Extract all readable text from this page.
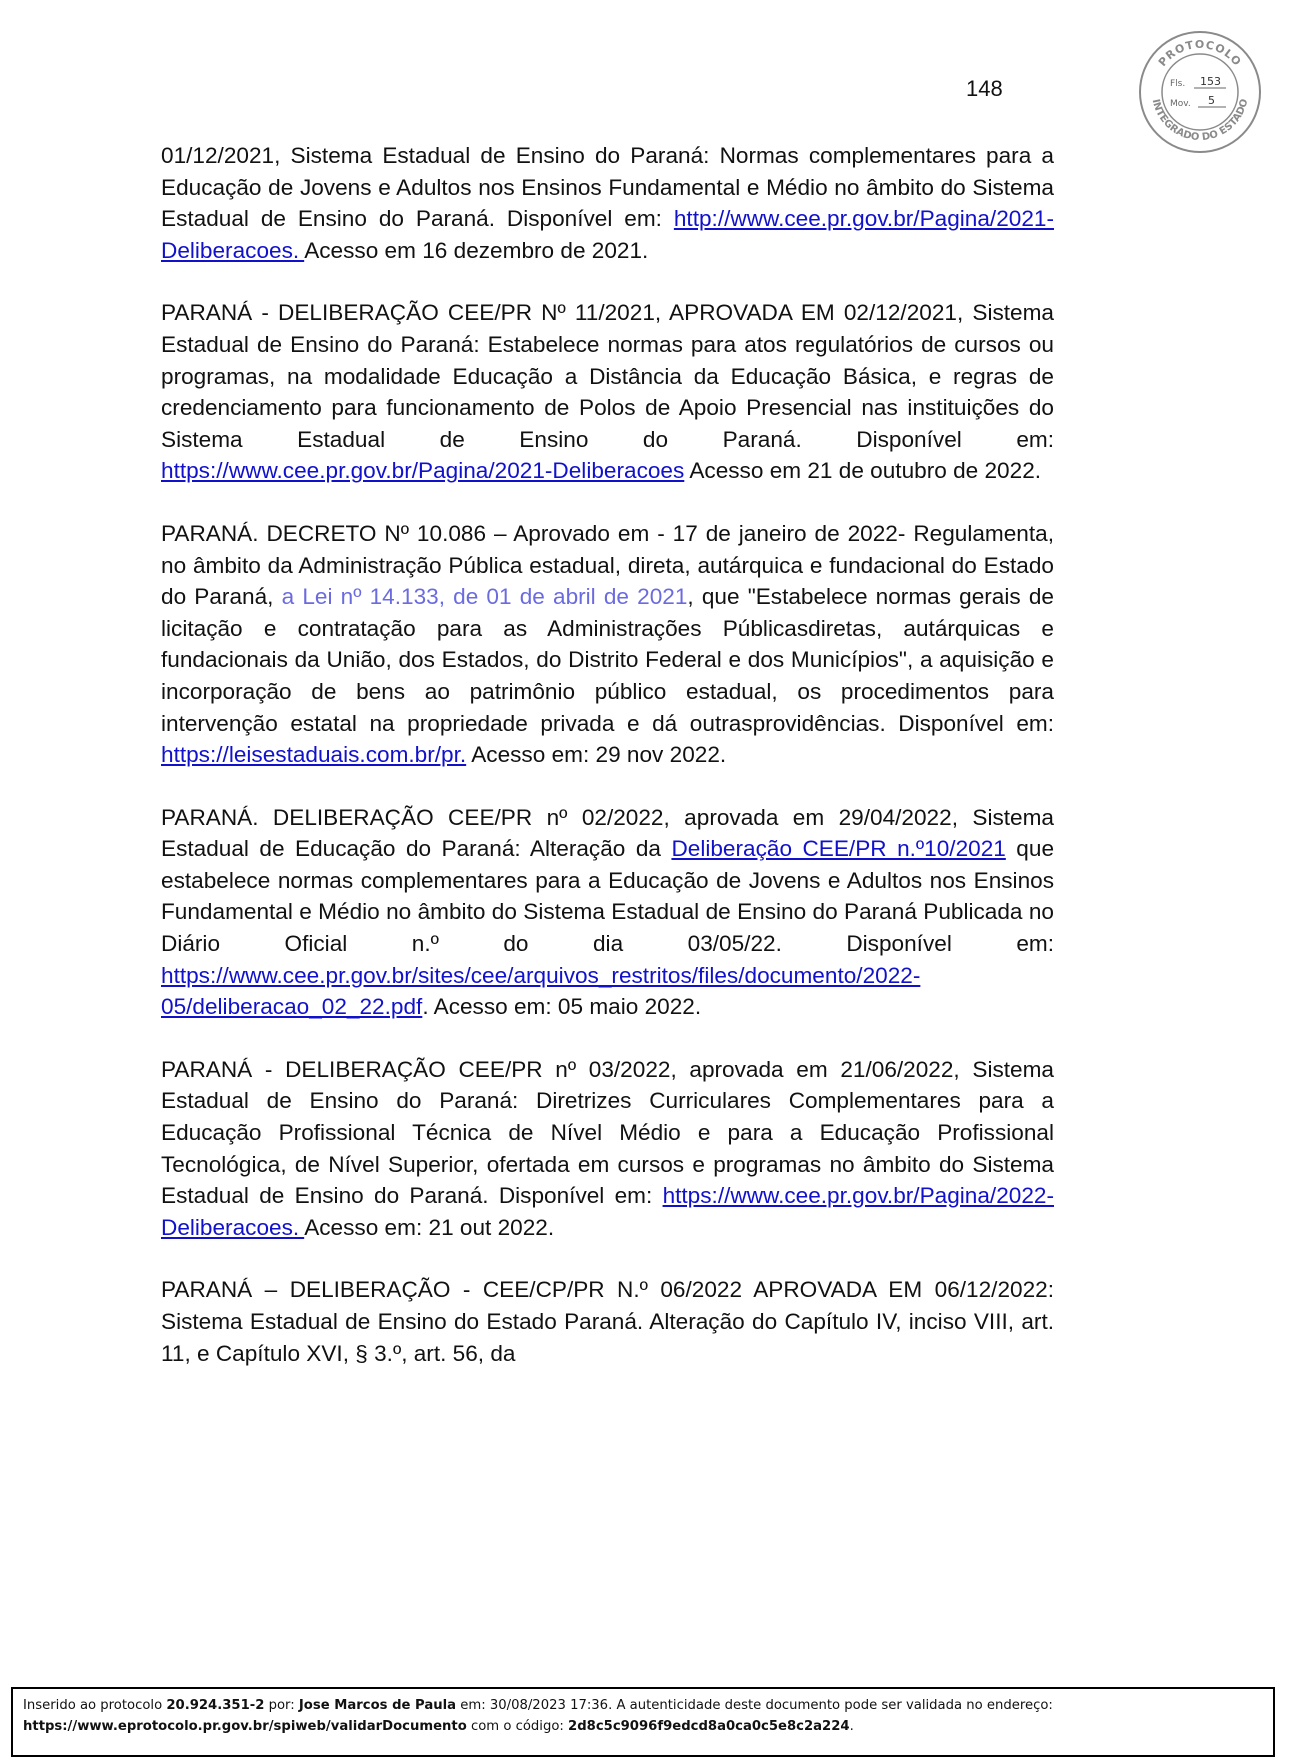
148
PROTOCOLO
INTEGRADO DO ESTADO
Fls. 153
Mov. 5

01/12/2021, Sistema Estadual de Ensino do Paraná: Normas complementares para a Educação de Jovens e Adultos nos Ensinos Fundamental e Médio no âmbito do Sistema Estadual de Ensino do Paraná. Disponível em: http://www.cee.pr.gov.br/Pagina/2021- Deliberacoes. Acesso em 16 dezembro de 2021.

PARANÁ - DELIBERAÇÃO CEE/PR Nº 11/2021, APROVADA EM 02/12/2021, Sistema Estadual de Ensino do Paraná: Estabelece normas para atos regulatórios de cursos ou programas, na modalidade Educação a Distância da Educação Básica, e regras de credenciamento para funcionamento de Polos de Apoio Presencial nas instituições do Sistema Estadual de Ensino do Paraná. Disponível em: https://www.cee.pr.gov.br/Pagina/2021-Deliberacoes Acesso em 21 de outubro de 2022.

PARANÁ. DECRETO Nº 10.086 – Aprovado em - 17 de janeiro de 2022- Regulamenta, no âmbito da Administração Pública estadual, direta, autárquica e fundacional do Estado do Paraná, a Lei nº 14.133, de 01 de abril de 2021, que "Estabelece normas gerais de licitação e contratação para as Administrações Públicasdiretas, autárquicas e fundacionais da União, dos Estados, do Distrito Federal e dos Municípios", a aquisição e incorporação de bens ao patrimônio público estadual, os procedimentos para intervenção estatal na propriedade privada e dá outrasprovidências. Disponível em: https://leisestaduais.com.br/pr. Acesso em: 29 nov 2022.

PARANÁ. DELIBERAÇÃO CEE/PR nº 02/2022, aprovada em 29/04/2022, Sistema Estadual de Educação do Paraná: Alteração da Deliberação CEE/PR n.º10/2021 que estabelece normas complementares para a Educação de Jovens e Adultos nos Ensinos Fundamental e Médio no âmbito do Sistema Estadual de Ensino do Paraná Publicada no Diário Oficial n.º do dia 03/05/22. Disponível em: https://www.cee.pr.gov.br/sites/cee/arquivos_restritos/files/documento/2022-05/deliberacao_02_22.pdf. Acesso em: 05 maio 2022.

PARANÁ - DELIBERAÇÃO CEE/PR nº 03/2022, aprovada em 21/06/2022, Sistema Estadual de Ensino do Paraná: Diretrizes Curriculares Complementares para a Educação Profissional Técnica de Nível Médio e para a Educação Profissional Tecnológica, de Nível Superior, ofertada em cursos e programas no âmbito do Sistema Estadual de Ensino do Paraná. Disponível em: https://www.cee.pr.gov.br/Pagina/2022-Deliberacoes. Acesso em: 21 out 2022.

PARANÁ – DELIBERAÇÃO - CEE/CP/PR N.º 06/2022 APROVADA EM 06/12/2022: Sistema Estadual de Ensino do Estado Paraná. Alteração do Capítulo IV, inciso VIII, art. 11, e Capítulo XVI, § 3.º, art. 56, da

Inserido ao protocolo 20.924.351-2 por: Jose Marcos de Paula em: 30/08/2023 17:36. A autenticidade deste documento pode ser validada no endereço:
https://www.eprotocolo.pr.gov.br/spiweb/validarDocumento com o código: 2d8c5c9096f9edcd8a0ca0c5e8c2a224.
